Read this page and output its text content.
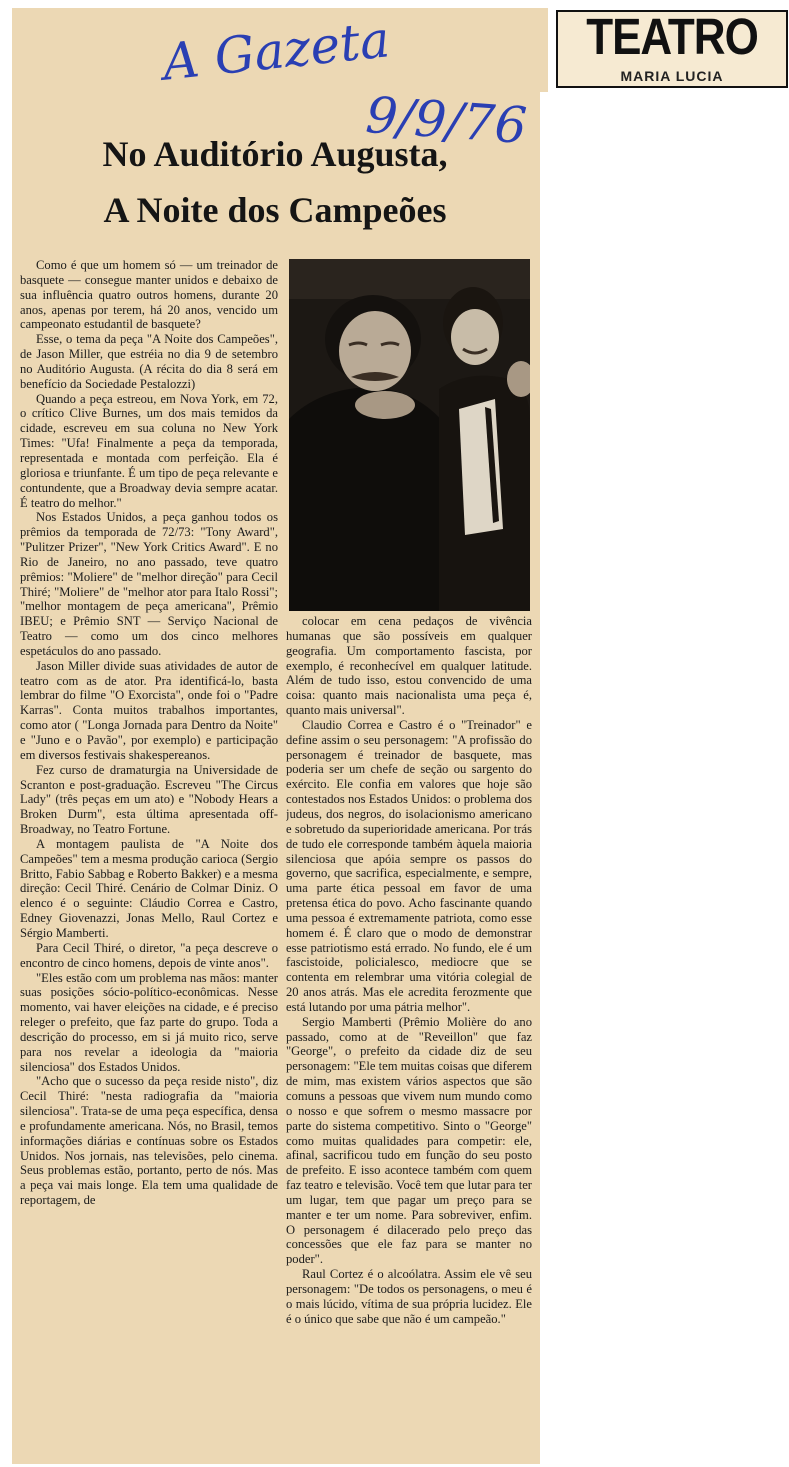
A Gazeta
9/9/76
TEATRO
MARIA LUCIA
No Auditório Augusta,
A Noite dos Campeões

Como é que um homem só — um treinador de basquete — consegue manter unidos e debaixo de sua influência quatro outros homens, durante 20 anos, apenas por terem, há 20 anos, vencido um campeonato estudantil de basquete?

Esse, o tema da peça "A Noite dos Campeões", de Jason Miller, que estréia no dia 9 de setembro no Auditório Augusta. (A récita do dia 8 será em benefício da Sociedade Pestalozzi)

Quando a peça estreou, em Nova York, em 72, o crítico Clive Burnes, um dos mais temidos da cidade, escreveu em sua coluna no New York Times: "Ufa! Finalmente a peça da temporada, representada e montada com perfeição. Ela é gloriosa e triunfante. É um tipo de peça relevante e contundente, que a Broadway devia sempre acatar. É teatro do melhor."

Nos Estados Unidos, a peça ganhou todos os prêmios da temporada de 72/73: "Tony Award", "Pulitzer Prizer", "New York Critics Award". E no Rio de Janeiro, no ano passado, teve quatro prêmios: "Moliere" de "melhor direção" para Cecil Thiré; "Moliere" de "melhor ator para Italo Rossi"; "melhor montagem de peça americana", Prêmio IBEU; e Prêmio SNT — Serviço Nacional de Teatro — como um dos cinco melhores espetáculos do ano passado.

Jason Miller divide suas atividades de autor de teatro com as de ator. Pra identificá-lo, basta lembrar do filme "O Exorcista", onde foi o "Padre Karras". Conta muitos trabalhos importantes, como ator ( "Longa Jornada para Dentro da Noite" e "Juno e o Pavão", por exemplo) e participação em diversos festivais shakespereanos.

Fez curso de dramaturgia na Universidade de Scranton e post-graduação. Escreveu "The Circus Lady" (três peças em um ato) e "Nobody Hears a Broken Durm", esta última apresentada off-Broadway, no Teatro Fortune.

A montagem paulista de "A Noite dos Campeões" tem a mesma produção carioca (Sergio Britto, Fabio Sabbag e Roberto Bakker) e a mesma direção: Cecil Thiré. Cenário de Colmar Diniz. O elenco é o seguinte: Cláudio Correa e Castro, Edney Giovenazzi, Jonas Mello, Raul Cortez e Sérgio Mamberti.

Para Cecil Thiré, o diretor, "a peça descreve o encontro de cinco homens, depois de vinte anos".

"Eles estão com um problema nas mãos: manter suas posições sócio-político-econômicas. Nesse momento, vai haver eleições na cidade, e é preciso releger o prefeito, que faz parte do grupo. Toda a descrição do processo, em si já muito rico, serve para nos revelar a ideologia da "maioria silenciosa" dos Estados Unidos.

"Acho que o sucesso da peça reside nisto", diz Cecil Thiré: "nesta radiografia da "maioria silenciosa". Trata-se de uma peça específica, densa e profundamente americana. Nós, no Brasil, temos informações diárias e contínuas sobre os Estados Unidos. Nos jornais, nas televisões, pelo cinema. Seus problemas estão, portanto, perto de nós. Mas a peça vai mais longe. Ela tem uma qualidade de reportagem, de

colocar em cena pedaços de vivência humanas que são possíveis em qualquer geografia. Um comportamento fascista, por exemplo, é reconhecível em qualquer latitude. Além de tudo isso, estou convencido de uma coisa: quanto mais nacionalista uma peça é, quanto mais universal".

Claudio Correa e Castro é o "Treinador" e define assim o seu personagem: "A profissão do personagem é treinador de basquete, mas poderia ser um chefe de seção ou sargento do exército. Ele confia em valores que hoje são contestados nos Estados Unidos: o problema dos judeus, dos negros, do isolacionismo americano e sobretudo da superioridade americana. Por trás de tudo ele corresponde também àquela maioria silenciosa que apóia sempre os passos do governo, que sacrifica, especialmente, e sempre, uma parte ética pessoal em favor de uma pretensa ética do povo. Acho fascinante quando uma pessoa é extremamente patriota, como esse homem é. É claro que o modo de demonstrar esse patriotismo está errado. No fundo, ele é um fascistoide, policialesco, mediocre que se contenta em relembrar uma vitória colegial de 20 anos atrás. Mas ele acredita ferozmente que está lutando por uma pátria melhor".

Sergio Mamberti (Prêmio Molière do ano passado, como at de "Reveillon" que faz "George", o prefeito da cidade diz de seu personagem: "Ele tem muitas coisas que diferem de mim, mas existem vários aspectos que são comuns a pessoas que vivem num mundo como o nosso e que sofrem o mesmo massacre por parte do sistema competitivo. Sinto o "George" como muitas qualidades para competir: ele, afinal, sacrificou tudo em função do seu posto de prefeito. E isso acontece também com quem faz teatro e televisão. Você tem que lutar para ter um lugar, tem que pagar um preço para se manter e ter um nome. Para sobreviver, enfim. O personagem é dilacerado pelo preço das concessões que ele faz para se manter no poder".

Raul Cortez é o alcoólatra. Assim ele vê seu personagem: "De todos os personagens, o meu é o mais lúcido, vítima de sua própria lucidez. Ele é o único que sabe que não é um campeão."
